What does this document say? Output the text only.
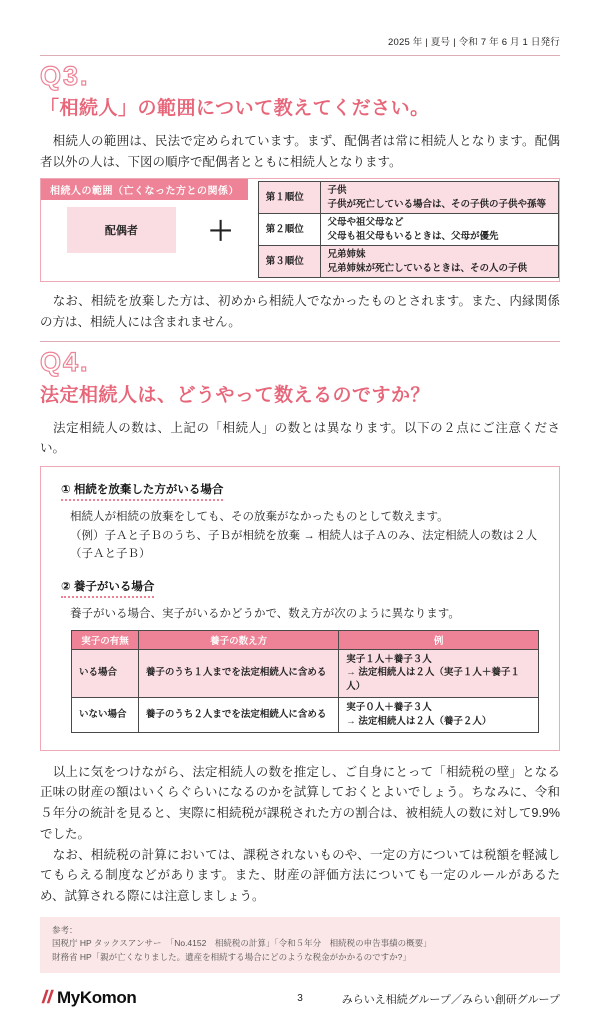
2025 年 | 夏号 | 令和 7 年 6 月 1 日発行
Q3.
「相続人」の範囲について教えてください。

　相続人の範囲は、民法で定められています。まず、配偶者は常に相続人となります。配偶者以外の人は、下図の順序で配偶者とともに相続人となります。

相続人の範囲（亡くなった方との関係）
配偶者	＋
第１順位	子供
子供が死亡している場合は、その子供の子供や孫等

第２順位	父母や祖父母など
父母も祖父母もいるときは、父母が優先

第３順位	兄弟姉妹
兄弟姉妹が死亡しているときは、その人の子供

　なお、相続を放棄した方は、初めから相続人でなかったものとされます。また、内縁関係の方は、相続人には含まれません。

Q4.
法定相続人は、どうやって数えるのですか？

　法定相続人の数は、上記の「相続人」の数とは異なります。以下の２点にご注意ください。

① 相続を放棄した方がいる場合
相続人が相続の放棄をしても、その放棄がなかったものとして数えます。
（例）子Ａと子Ｂのうち、子Ｂが相続を放棄 → 相続人は子Ａのみ、法定相続人の数は２人（子Ａと子Ｂ）
② 養子がいる場合
養子がいる場合、実子がいるかどうかで、数え方が次のように異なります。
実子の有無	養子の数え方	例
いる場合	養子のうち１人までを法定相続人に含める	実子１人＋養子３人
→ 法定相続人は２人（実子１人＋養子１人）

いない場合	養子のうち２人までを法定相続人に含める	実子０人＋養子３人
→ 法定相続人は２人（養子２人）

　以上に気をつけながら、法定相続人の数を推定し、ご自身にとって「相続税の壁」となる正味の財産の額はいくらぐらいになるのかを試算しておくとよいでしょう。ちなみに、令和５年分の統計を見ると、実際に相続税が課税された方の割合は、被相続人の数に対して9.9%でした。

　なお、相続税の計算においては、課税されないものや、一定の方については税額を軽減してもらえる制度などがあります。また、財産の評価方法についても一定のルールがあるため、試算される際には注意しましょう。

参考：
国税庁 HP タックスアンサー　「No.4152　相続税の計算」「令和５年分　相続税の申告事績の概要」
財務省 HP「親が亡くなりました。遺産を相続する場合にどのような税金がかかるのですか?」
MyKomon	3	みらいえ相続グループ／みらい創研グループ
